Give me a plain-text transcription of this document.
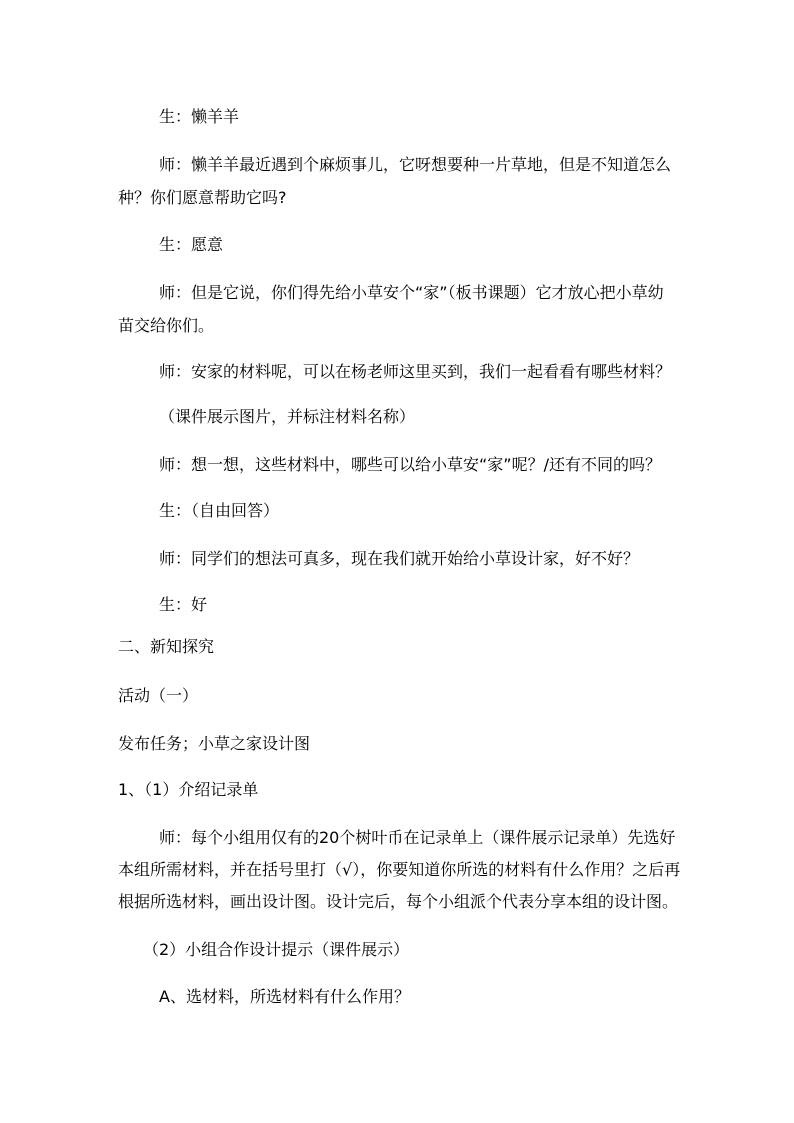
生：懒羊羊
师：懒羊羊最近遇到个麻烦事儿，它呀想要种一片草地，但是不知道怎么
种？你们愿意帮助它吗?
生：愿意
师：但是它说，你们得先给小草安个“家”（板书课题）它才放心把小草幼
苗交给你们。
师：安家的材料呢，可以在杨老师这里买到，我们一起看看有哪些材料？
（课件展示图片，并标注材料名称）
师：想一想，这些材料中，哪些可以给小草安“家”呢？/还有不同的吗？
生：（自由回答）
师：同学们的想法可真多，现在我们就开始给小草设计家，好不好？
生：好
二、新知探究
活动（一）
发布任务；小草之家设计图
1、（1）介绍记录单
师：每个小组用仅有的20个树叶币在记录单上（课件展示记录单）先选好
本组所需材料，并在括号里打（√），你要知道你所选的材料有什么作用？之后再
根据所选材料，画出设计图。设计完后，每个小组派个代表分享本组的设计图。
（2）小组合作设计提示（课件展示）
A、选材料，所选材料有什么作用？
